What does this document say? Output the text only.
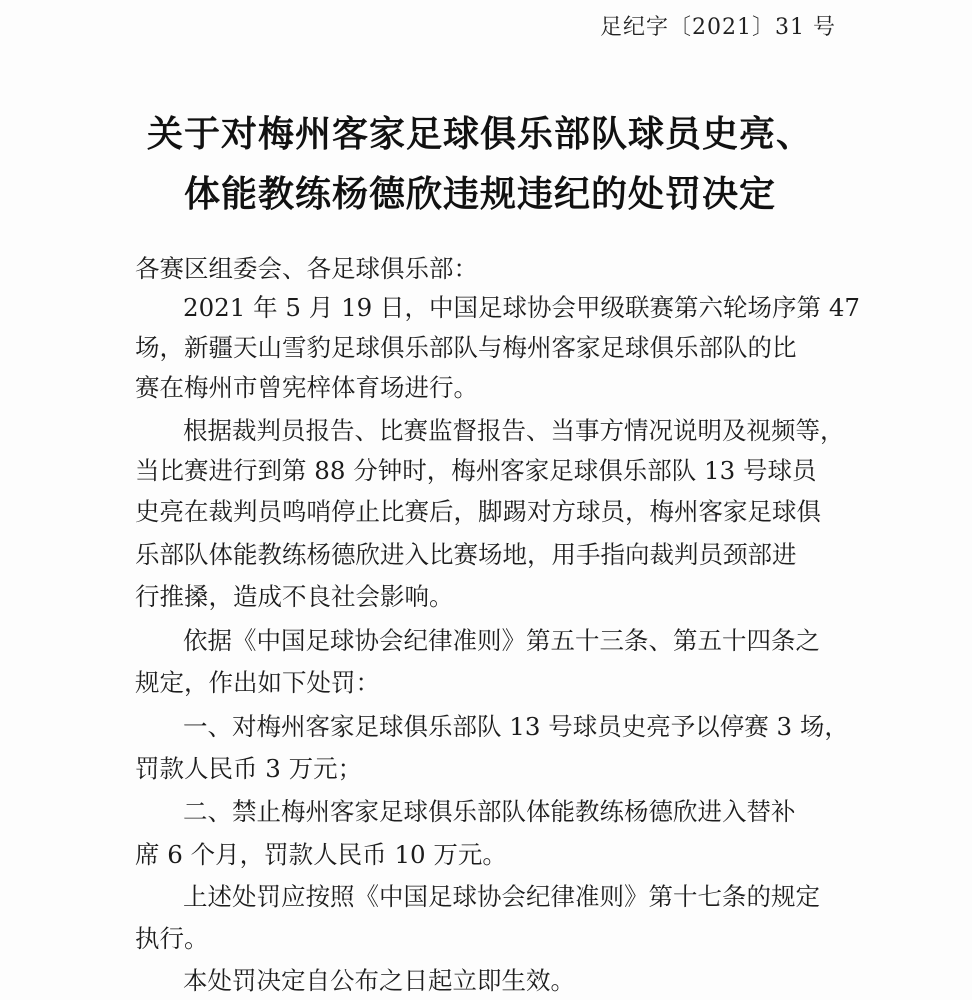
足纪字〔2021〕31 号
关于对梅州客家足球俱乐部队球员史亮、
体能教练杨德欣违规违纪的处罚决定
各赛区组委会、各足球俱乐部：
2021 年 5 月 19 日，中国足球协会甲级联赛第六轮场序第 47
场，新疆天山雪豹足球俱乐部队与梅州客家足球俱乐部队的比
赛在梅州市曾宪梓体育场进行。
根据裁判员报告、比赛监督报告、当事方情况说明及视频等，
当比赛进行到第 88 分钟时，梅州客家足球俱乐部队 13 号球员
史亮在裁判员鸣哨停止比赛后，脚踢对方球员，梅州客家足球俱
乐部队体能教练杨德欣进入比赛场地，用手指向裁判员颈部进
行推搡，造成不良社会影响。
依据《中国足球协会纪律准则》第五十三条、第五十四条之
规定，作出如下处罚：
一、对梅州客家足球俱乐部队 13 号球员史亮予以停赛 3 场，
罚款人民币 3 万元；
二、禁止梅州客家足球俱乐部队体能教练杨德欣进入替补
席 6 个月，罚款人民币 10 万元。
上述处罚应按照《中国足球协会纪律准则》第十七条的规定
执行。
本处罚决定自公布之日起立即生效。
